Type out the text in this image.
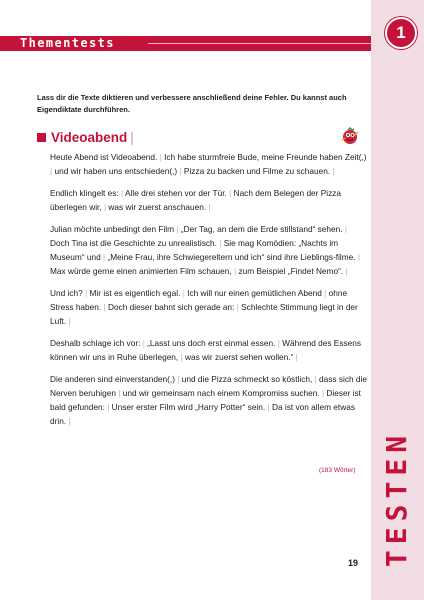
TESTEN
Thementests
1
Lass dir die Texte diktieren und verbessere anschließend deine Fehler. Du kannst auch Eigendiktate durchführen.
Videoabend |

Heute Abend ist Videoabend. | Ich habe sturmfreie Bude, meine Freunde haben Zeit(,) | und wir haben uns entschieden(,) | Pizza zu backen und Filme zu schauen. |

Endlich klingelt es: | Alle drei stehen vor der Tür. | Nach dem Belegen der Pizza überlegen wir, | was wir zuerst anschauen. |

Julian möchte unbedingt den Film | „Der Tag, an dem die Erde stillstand“ sehen. | Doch Tina ist die Geschichte zu unrealistisch. | Sie mag Komödien: „Nachts im Museum“ und | „Meine Frau, ihre Schwiegereltern und ich“ sind ihre Lieblings-filme. | Max würde gerne einen animierten Film schauen, | zum Beispiel „Findet Nemo“. |

Und ich? | Mir ist es eigentlich egal. | Ich will nur einen gemütlichen Abend | ohne Stress haben. | Doch dieser bahnt sich gerade an: | Schlechte Stimmung liegt in der Luft. |

Deshalb schlage ich vor: | „Lasst uns doch erst einmal essen. | Während des Essens können wir uns in Ruhe überlegen, | was wir zuerst sehen wollen.“ |

Die anderen sind einverstanden(,) | und die Pizza schmeckt so köstlich, | dass sich die Nerven beruhigen | und wir gemeinsam nach einem Kompromiss suchen. | Dieser ist bald gefunden: | Unser erster Film wird „Harry Potter“ sein. | Da ist von allem etwas drin. |

(183 Wörter)
19
